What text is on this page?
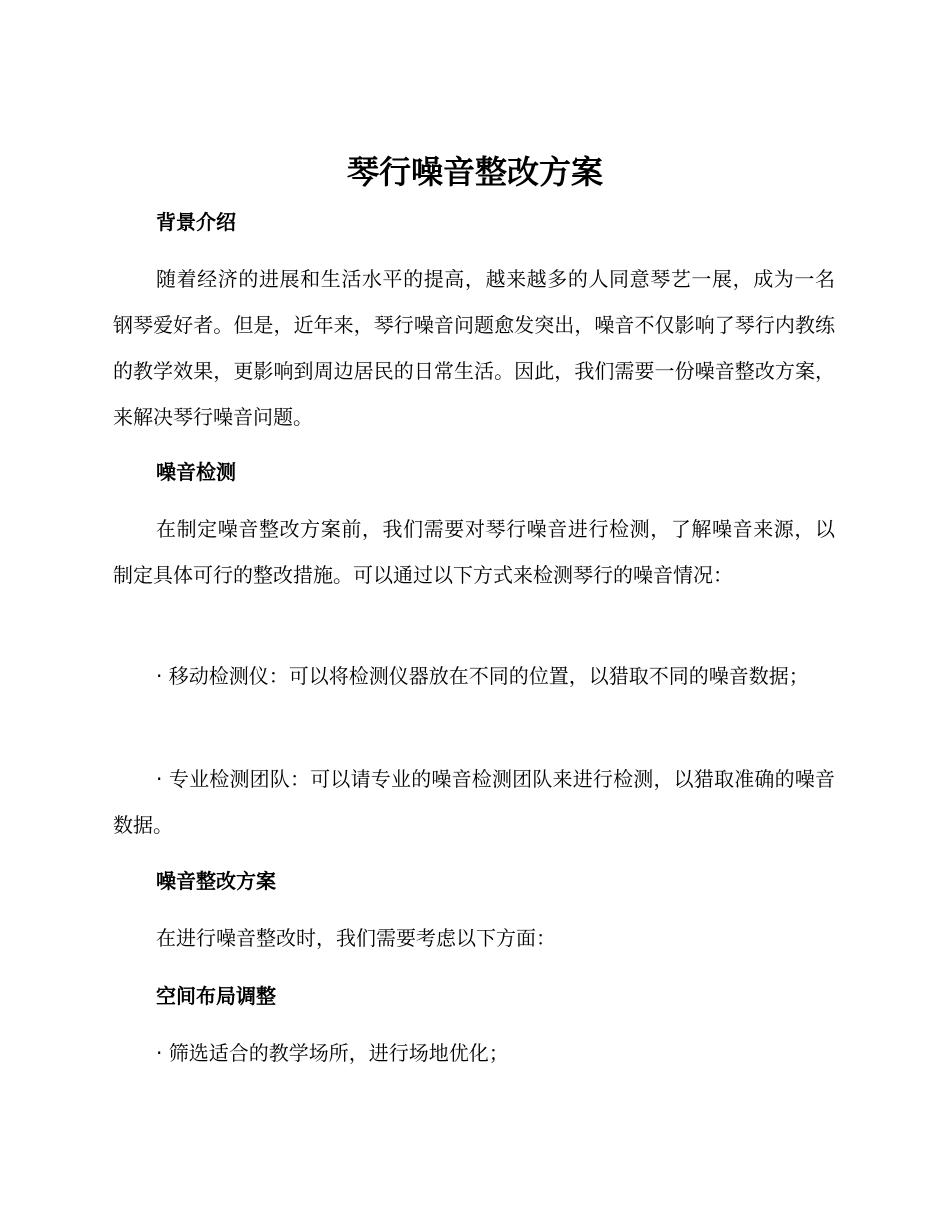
琴行噪音整改方案

背景介绍

随着经济的进展和生活水平的提高，越来越多的人同意琴艺一展，成为一名钢琴爱好者。但是，近年来，琴行噪音问题愈发突出，噪音不仅影响了琴行内教练的教学效果，更影响到周边居民的日常生活。因此，我们需要一份噪音整改方案，来解决琴行噪音问题。

噪音检测

在制定噪音整改方案前，我们需要对琴行噪音进行检测，了解噪音来源，以制定具体可行的整改措施。可以通过以下方式来检测琴行的噪音情况：

· 移动检测仪：可以将检测仪器放在不同的位置，以猎取不同的噪音数据；

· 专业检测团队：可以请专业的噪音检测团队来进行检测，以猎取准确的噪音数据。

噪音整改方案

在进行噪音整改时，我们需要考虑以下方面：

空间布局调整

· 筛选适合的教学场所，进行场地优化；
